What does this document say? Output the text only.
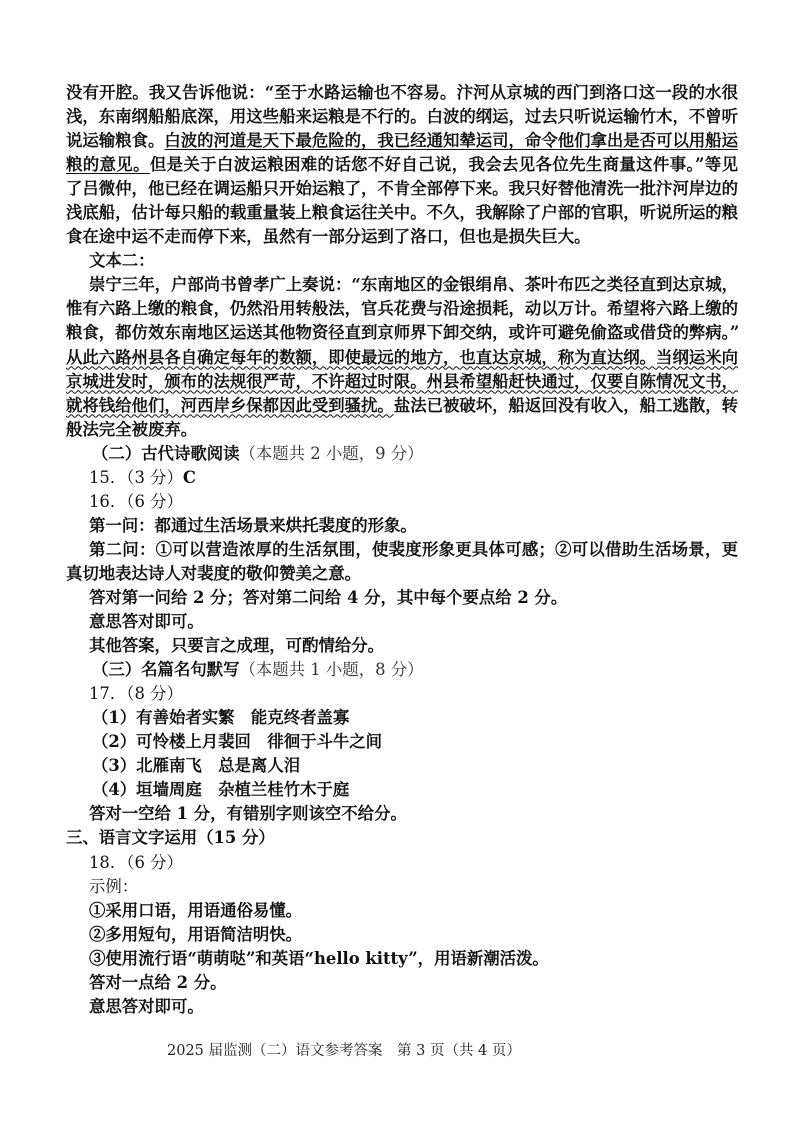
没有开腔。我又告诉他说：“至于水路运输也不容易。汴河从京城的西门到洛口这一段的水很
浅，东南纲船船底深，用这些船来运粮是不行的。白波的纲运，过去只听说运输竹木，不曾听
说运输粮食。白波的河道是天下最危险的，我已经通知辇运司，命令他们拿出是否可以用船运
粮的意见。但是关于白波运粮困难的话您不好自己说，我会去见各位先生商量这件事。”等见
了吕微仲，他已经在调运船只开始运粮了，不肯全部停下来。我只好替他清洗一批汴河岸边的
浅底船，估计每只船的载重量装上粮食运往关中。不久，我解除了户部的官职，听说所运的粮
食在途中运不走而停下来，虽然有一部分运到了洛口，但也是损失巨大。
文本二：
崇宁三年，户部尚书曾孝广上奏说：“东南地区的金银绢帛、茶叶布匹之类径直到达京城，
惟有六路上缴的粮食，仍然沿用转般法，官兵花费与沿途损耗，动以万计。希望将六路上缴的
粮食，都仿效东南地区运送其他物资径直到京师界下卸交纳，或许可避免偷盗或借贷的弊病。”
从此六路州县各自确定每年的数额，即使最远的地方，也直达京城，称为直达纲。当纲运米向
京城进发时，颁布的法规很严苛，不许超过时限。州县希望船赶快通过，仅要自陈情况文书，
就将钱给他们，河西岸乡保都因此受到骚扰。盐法已被破坏，船返回没有收入，船工逃散，转
般法完全被废弃。
（二）古代诗歌阅读（本题共 2 小题，9 分）
15．（3 分）C
16．（6 分）
第一问：都通过生活场景来烘托裴度的形象。
第二问：①可以营造浓厚的生活氛围，使裴度形象更具体可感；②可以借助生活场景，更
真切地表达诗人对裴度的敬仰赞美之意。
答对第一问给 2 分；答对第二问给 4 分，其中每个要点给 2 分。
意思答对即可。
其他答案，只要言之成理，可酌情给分。
（三）名篇名句默写（本题共 1 小题，8 分）
17．（8 分）
（1）有善始者实繁　能克终者盖寡
（2）可怜楼上月裴回　徘徊于斗牛之间
（3）北雁南飞　总是离人泪
（4）垣墙周庭　杂植兰桂竹木于庭
答对一空给 1 分，有错别字则该空不给分。
三、语言文字运用（15 分）
18．（6 分）
示例：
①采用口语，用语通俗易懂。
②多用短句，用语简洁明快。
③使用流行语“萌萌哒”和英语“hello kitty”，用语新潮活泼。
答对一点给 2 分。
意思答对即可。
2025 届监测（二）语文参考答案　第 3 页（共 4 页）
